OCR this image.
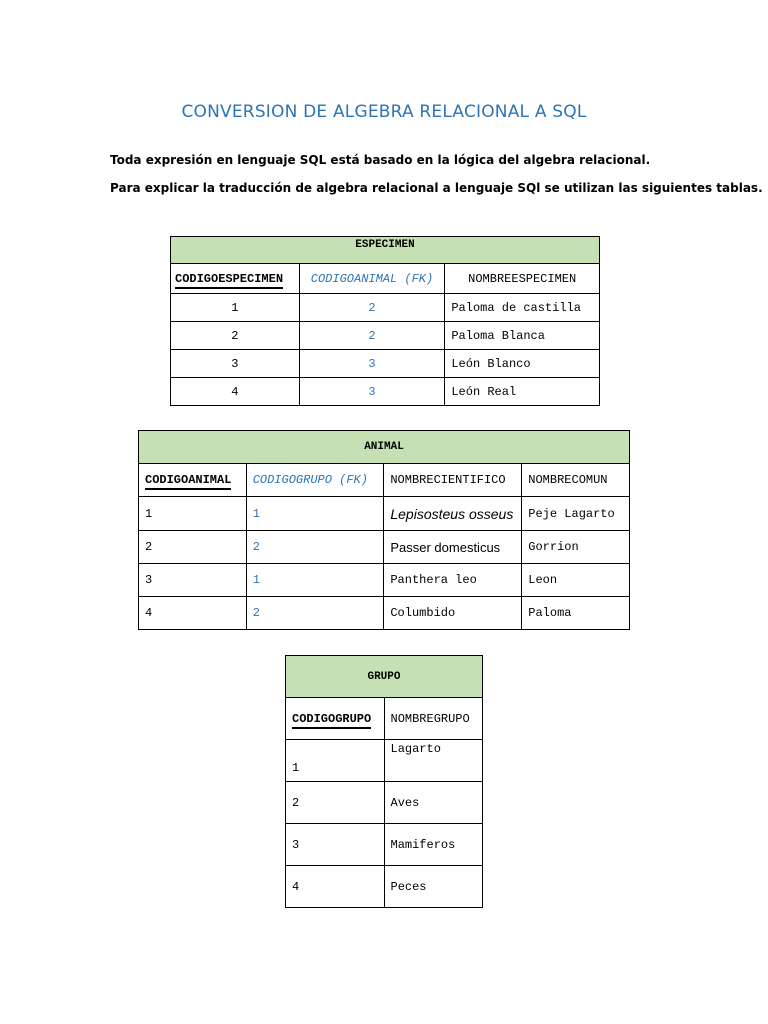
CONVERSION DE ALGEBRA RELACIONAL A SQL
Toda expresión en lenguaje SQL está basado en la lógica del algebra relacional.
Para explicar la traducción de algebra relacional a lenguaje SQl se utilizan las siguientes tablas.
ESPECIMEN		
CODIGOESPECIMEN	CODIGOANIMAL (FK)	NOMBREESPECIMEN
1	2	Paloma de castilla
2	2	Paloma Blanca
3	3	León Blanco
4	3	León Real
ANIMAL			
CODIGOANIMAL	CODIGOGRUPO (FK)	NOMBRECIENTIFICO	NOMBRECOMUN
1	1	Lepisosteus osseus	Peje Lagarto
2	2	Passer domesticus	Gorrion
3	1	Panthera leo	Leon
4	2	Columbido	Paloma
GRUPO	
CODIGOGRUPO	NOMBREGRUPO
1	Lagarto
2	Aves
3	Mamiferos
4	Peces
